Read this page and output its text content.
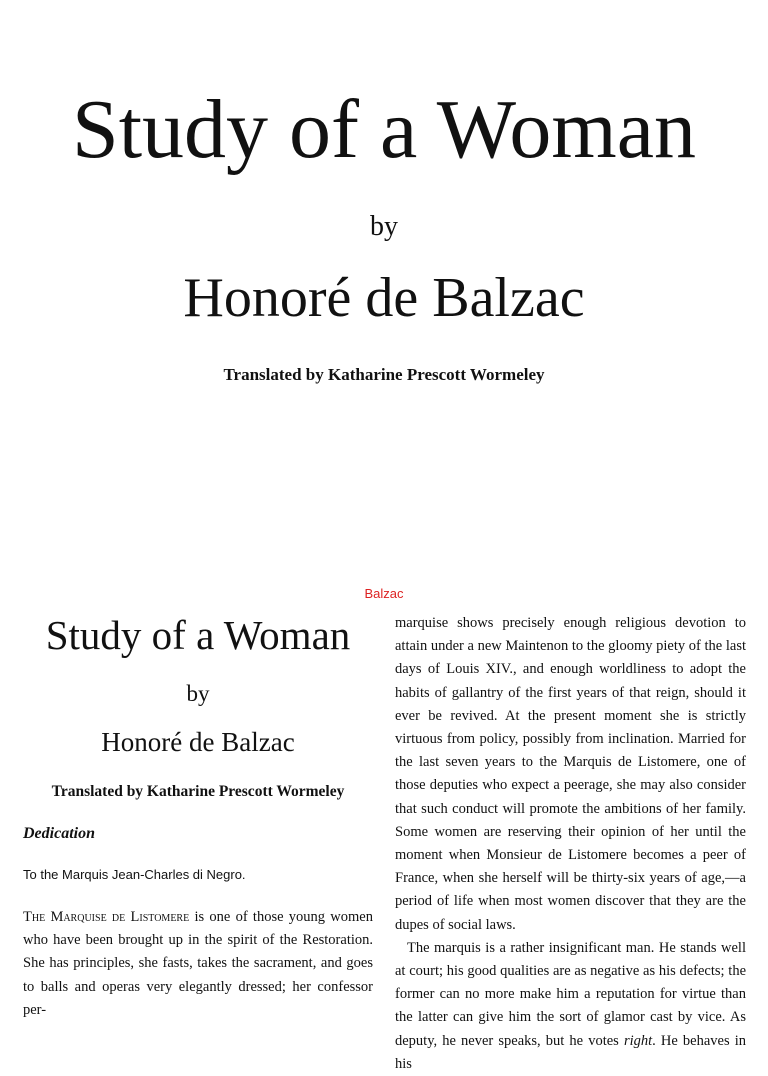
Study of a Woman
by
Honoré de Balzac
Translated by Katharine Prescott Wormeley
Balzac
Study of a Woman
by
Honoré de Balzac
Translated by Katharine Prescott Wormeley
Dedication
To the Marquis Jean-Charles di Negro.

The Marquise de Listomere is one of those young women who have been brought up in the spirit of the Restoration. She has principles, she fasts, takes the sacrament, and goes to balls and operas very elegantly dressed; her confessor per-

marquise shows precisely enough religious devotion to attain under a new Maintenon to the gloomy piety of the last days of Louis XIV., and enough worldliness to adopt the habits of gallantry of the first years of that reign, should it ever be revived. At the present moment she is strictly virtuous from policy, possibly from inclination. Married for the last seven years to the Marquis de Listomere, one of those deputies who expect a peerage, she may also consider that such conduct will promote the ambitions of her family. Some women are reserving their opinion of her until the moment when Monsieur de Listomere becomes a peer of France, when she herself will be thirty-six years of age,—a period of life when most women discover that they are the dupes of social laws.

The marquis is a rather insignificant man. He stands well at court; his good qualities are as negative as his defects; the former can no more make him a reputation for virtue than the latter can give him the sort of glamor cast by vice. As deputy, he never speaks, but he votes right. He behaves in his
